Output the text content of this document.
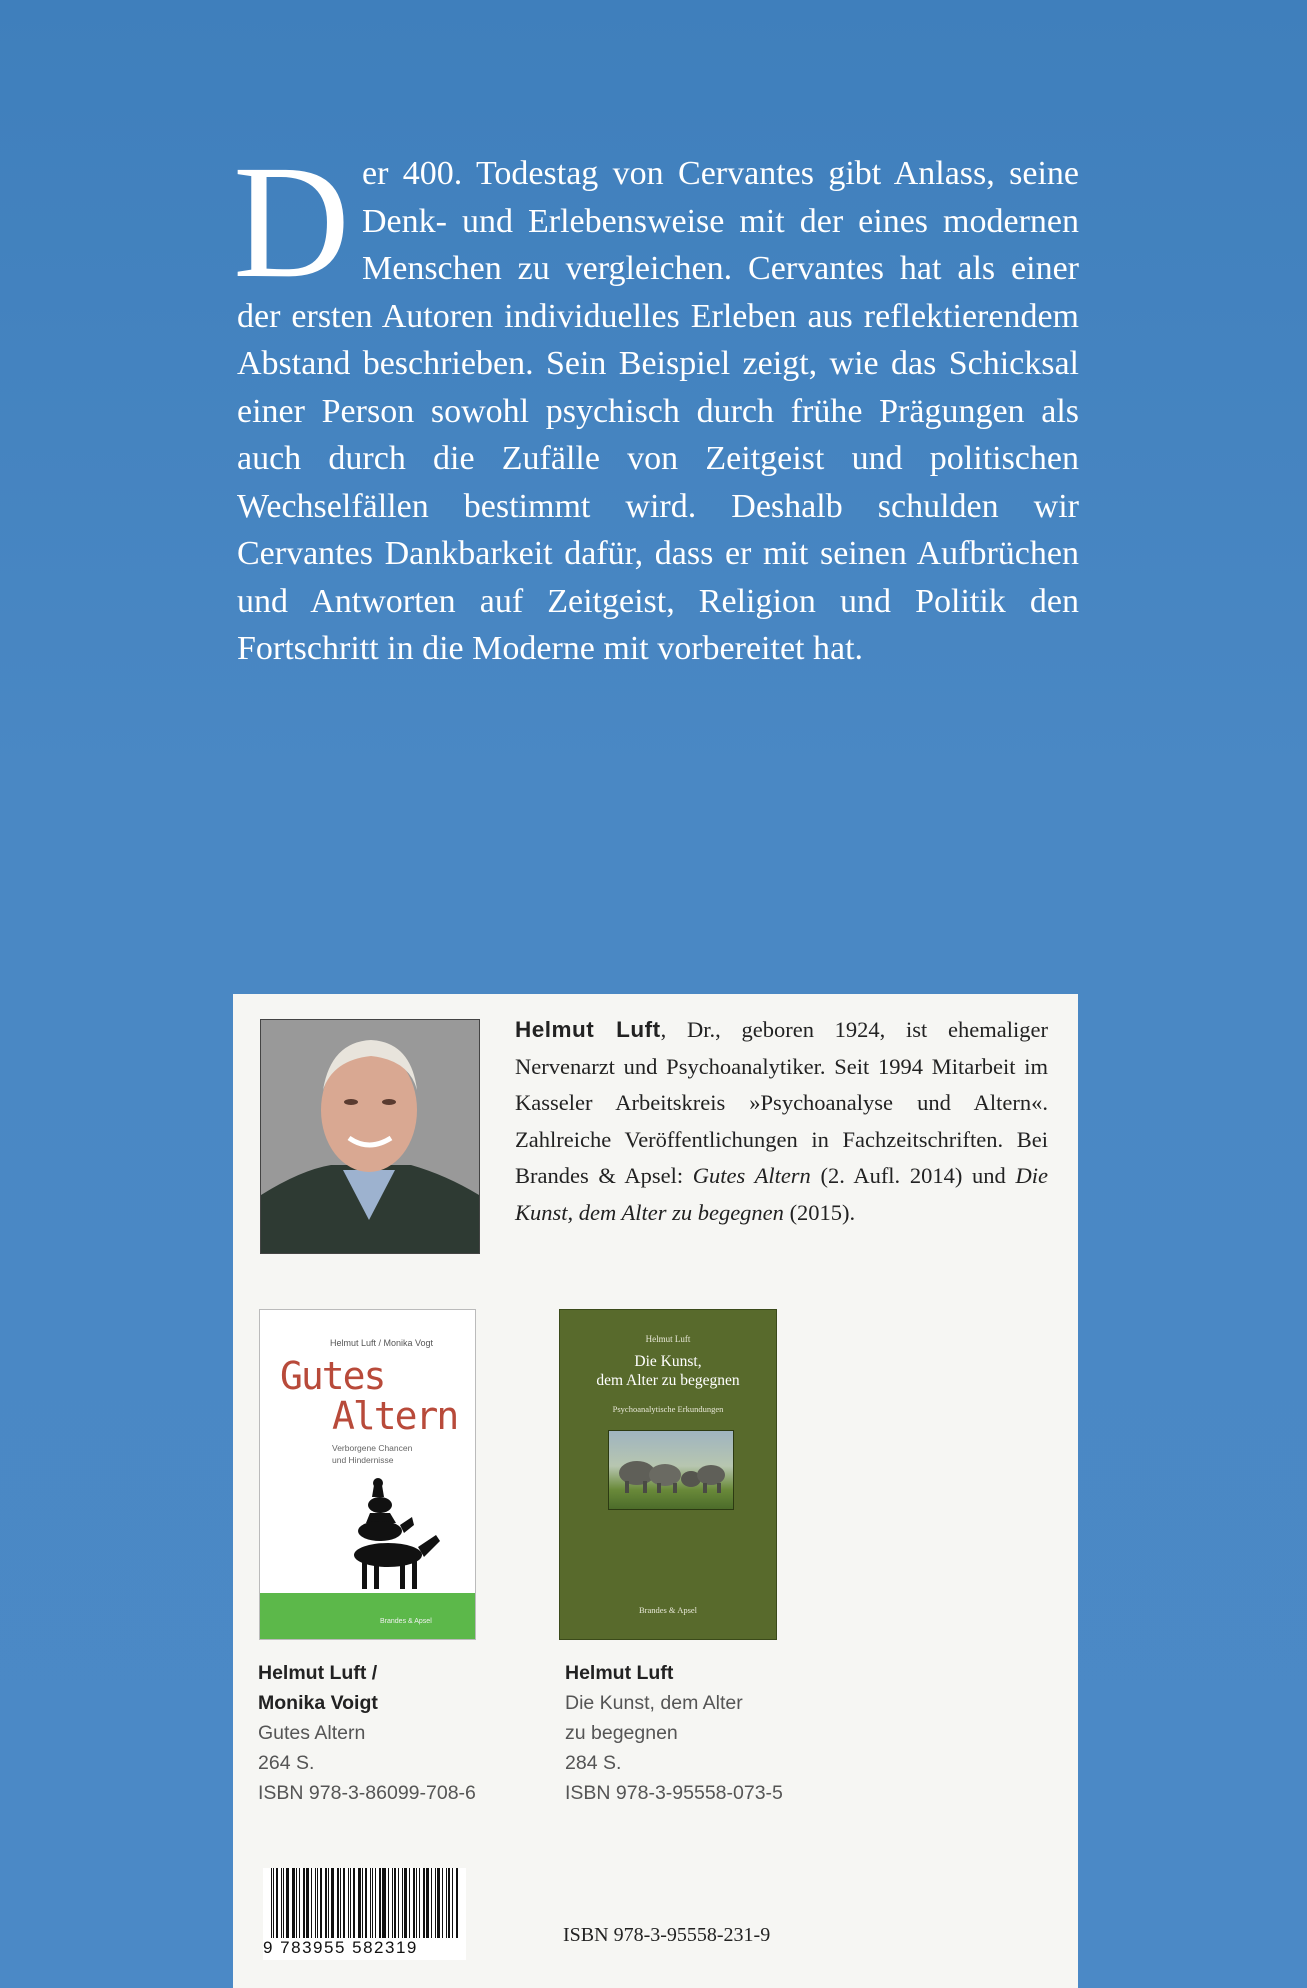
D er 400. Todestag von Cervantes gibt Anlass, seine Denk- und Erlebensweise mit der eines modernen Menschen zu vergleichen. Cervantes hat als einer der ersten Autoren individuelles Erleben aus reflektierendem Abstand beschrieben. Sein Beispiel zeigt, wie das Schicksal einer Person sowohl psychisch durch frühe Prägungen als auch durch die Zufälle von Zeitgeist und politischen Wechselfällen bestimmt wird. Deshalb schulden wir Cervantes Dankbarkeit dafür, dass er mit seinen Aufbrüchen und Antworten auf Zeitgeist, Religion und Politik den Fortschritt in die Moderne mit vorbereitet hat.

Helmut Luft, Dr., geboren 1924, ist ehemaliger Nervenarzt und Psychoanalytiker. Seit 1994 Mitarbeit im Kasseler Arbeitskreis »Psychoanalyse und Altern«. Zahlreiche Veröffentlichungen in Fachzeitschriften. Bei Brandes & Apsel: Gutes Altern (2. Aufl. 2014) und Die Kunst, dem Alter zu begegnen (2015).
Helmut Luft / Monika Vogt
Gutes
Altern
Verborgene Chancen
und Hindernisse
Brandes & Apsel
Helmut Luft
Die Kunst,
dem Alter zu begegnen
Psychoanalytische Erkundungen
Brandes & Apsel
Helmut Luft /
Monika Voigt
Gutes Altern
264 S.
ISBN 978-3-86099-708-6
Helmut Luft
Die Kunst, dem Alter
zu begegnen
284 S.
ISBN 978-3-95558-073-5
9 783955 582319
ISBN 978-3-95558-231-9
